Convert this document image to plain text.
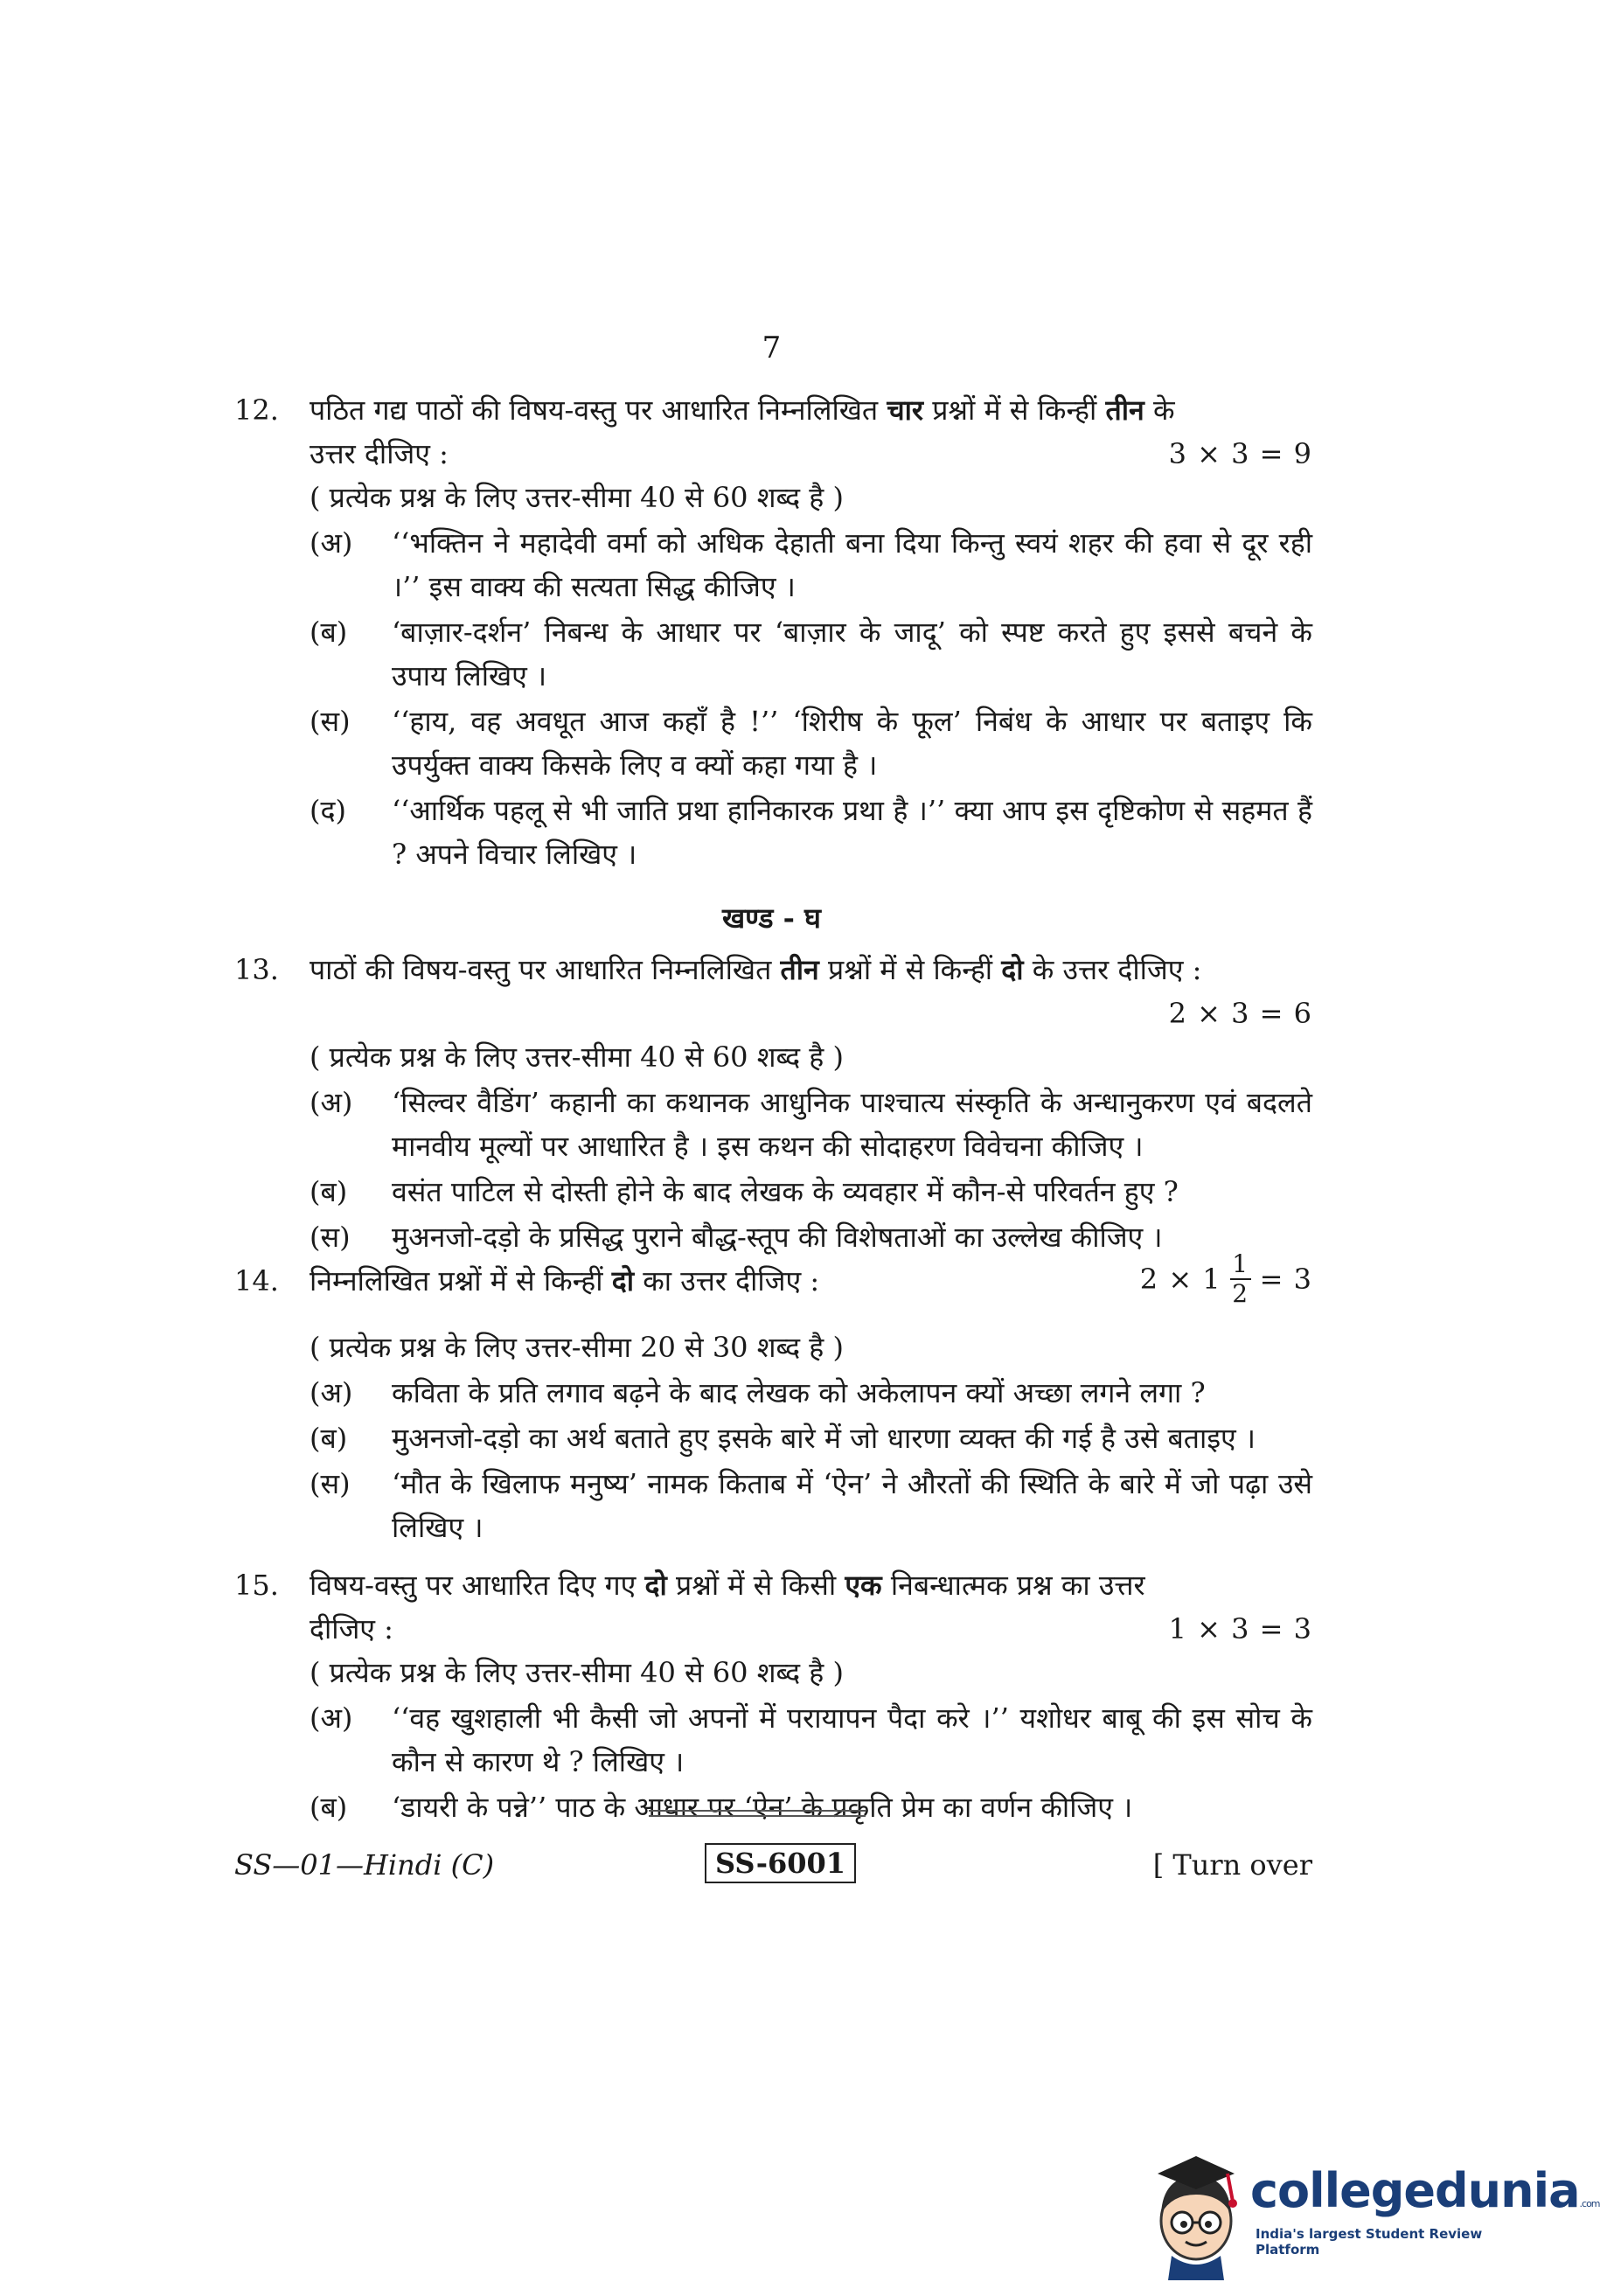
7
12.	पठित गद्य पाठों की विषय-वस्तु पर आधारित निम्नलिखित चार प्रश्नों में से किन्हीं तीन के
उत्तर दीजिए :	3 × 3 = 9
( प्रत्येक प्रश्न के लिए उत्तर-सीमा 40 से 60 शब्द है )
(अ)	‘‘भक्तिन ने महादेवी वर्मा को अधिक देहाती बना दिया किन्तु स्वयं शहर की हवा से दूर रही ।’’ इस वाक्य की सत्यता सिद्ध कीजिए ।
(ब)	‘बाज़ार-दर्शन’ निबन्ध के आधार पर ‘बाज़ार के जादू’ को स्पष्ट करते हुए इससे बचने के उपाय लिखिए ।
(स)	‘‘हाय, वह अवधूत आज कहाँ है !’’ ‘शिरीष के फूल’ निबंध के आधार पर बताइए कि उपर्युक्त वाक्य किसके लिए व क्यों कहा गया है ।
(द)	‘‘आर्थिक पहलू से भी जाति प्रथा हानिकारक प्रथा है ।’’ क्या आप इस दृष्टिकोण से सहमत हैं ? अपने विचार लिखिए ।
खण्ड - घ
13.	पाठों की विषय-वस्तु पर आधारित निम्नलिखित तीन प्रश्नों में से किन्हीं दो के उत्तर दीजिए :
2 × 3 = 6
( प्रत्येक प्रश्न के लिए उत्तर-सीमा 40 से 60 शब्द है )
(अ)	‘सिल्वर वैडिंग’ कहानी का कथानक आधुनिक पाश्चात्य संस्कृति के अन्धानुकरण एवं बदलते मानवीय मूल्यों पर आधारित है । इस कथन की सोदाहरण विवेचना कीजिए ।
(ब)	वसंत पाटिल से दोस्ती होने के बाद लेखक के व्यवहार में कौन-से परिवर्तन हुए ?
(स)	मुअनजो-दड़ो के प्रसिद्ध पुराने बौद्ध-स्तूप की विशेषताओं का उल्लेख कीजिए ।
14.	निम्नलिखित प्रश्नों में से किन्हीं दो का उत्तर दीजिए :	2 × 1 1
2 = 3
( प्रत्येक प्रश्न के लिए उत्तर-सीमा 20 से 30 शब्द है )
(अ)	कविता के प्रति लगाव बढ़ने के बाद लेखक को अकेलापन क्यों अच्छा लगने लगा ?
(ब)	मुअनजो-दड़ो का अर्थ बताते हुए इसके बारे में जो धारणा व्यक्त की गई है उसे बताइए ।
(स)	‘मौत के खिलाफ मनुष्य’ नामक किताब में ‘ऐन’ ने औरतों की स्थिति के बारे में जो पढ़ा उसे लिखिए ।
15.	विषय-वस्तु पर आधारित दिए गए दो प्रश्नों में से किसी एक निबन्धात्मक प्रश्न का उत्तर
दीजिए :	1 × 3 = 3
( प्रत्येक प्रश्न के लिए उत्तर-सीमा 40 से 60 शब्द है )
(अ)	‘‘वह खुशहाली भी कैसी जो अपनों में परायापन पैदा करे ।’’ यशोधर बाबू की इस सोच के कौन से कारण थे ? लिखिए ।
(ब)	‘डायरी के पन्ने’’ पाठ के आधार पर ‘ऐन’ के प्रकृति प्रेम का वर्णन कीजिए ।
SS—01—Hindi (C)	SS-6001	[ Turn over
collegedunia.com
India's largest Student Review Platform
